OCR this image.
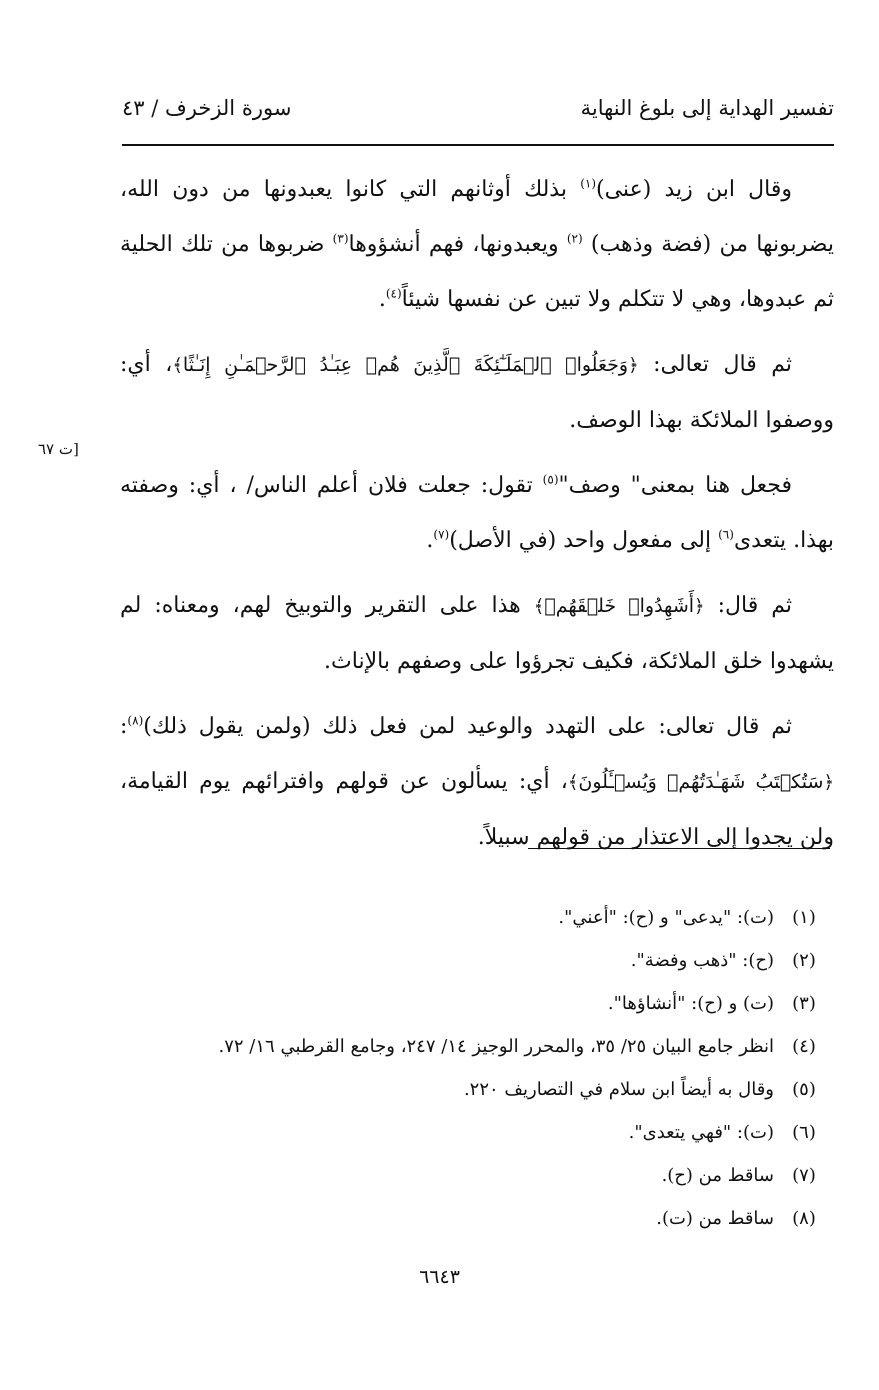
تفسير الهداية إلى بلوغ النهاية
سورة الزخرف / ٤٣
[ت ٦٧

وقال ابن زيد (عنى)$^{(١)}$ بذلك أوثانهم التي كانوا يعبدونها من دون الله، يضربونها من (فضة وذهب) $^{(٢)}$ ويعبدونها، فهم أنشؤوها$^{(٣)}$ ضربوها من تلك الحلية ثم عبدوها، وهي لا تتكلم ولا تبين عن نفسها شيئاً$^{(٤)}$.

ثم قال تعالى: ﴿وَجَعَلُوا۟ ٱلۡمَلَـٰٓئِكَةَ ٱلَّذِينَ هُمۡ عِبَـٰدُ ٱلرَّحۡمَـٰنِ إِنَـٰثًا﴾، أي: ووصفوا الملائكة بهذا الوصف.

فجعل هنا بمعنى" وصف"$^{(٥)}$ تقول: جعلت فلان أعلم الناس/ ، أي: وصفته بهذا. يتعدى$^{(٦)}$ إلى مفعول واحد (في الأصل)$^{(٧)}$.

ثم قال: ﴿أَشَهِدُوا۟ خَلۡقَهُمۡ﴾ هذا على التقرير والتوبيخ لهم، ومعناه: لم يشهدوا خلق الملائكة، فكيف تجرؤوا على وصفهم بالإناث.

ثم قال تعالى: على التهدد والوعيد لمن فعل ذلك (ولمن يقول ذلك)$^{(٨)}$: ﴿سَتُكۡتَبُ شَهَـٰدَتُهُمۡ وَيُسۡـَٔلُونَ﴾، أي: يسألون عن قولهم وافترائهم يوم القيامة، ولن يجدوا إلى الاعتذار من قولهم سبيلاً.

(١)
(ت): "يدعى" و (ح): "أعني".
(٢)
(ح): "ذهب وفضة".
(٣)
(ت) و (ح): "أنشاؤها".
(٤)
انظر جامع البيان ٢٥/ ٣٥، والمحرر الوجيز ١٤/ ٢٤٧، وجامع القرطبي ١٦/ ٧٢.
(٥)
وقال به أيضاً ابن سلام في التصاريف ٢٢٠.
(٦)
(ت): "فهي يتعدى".
(٧)
ساقط من (ح).
(٨)
ساقط من (ت).
٦٦٤٣
